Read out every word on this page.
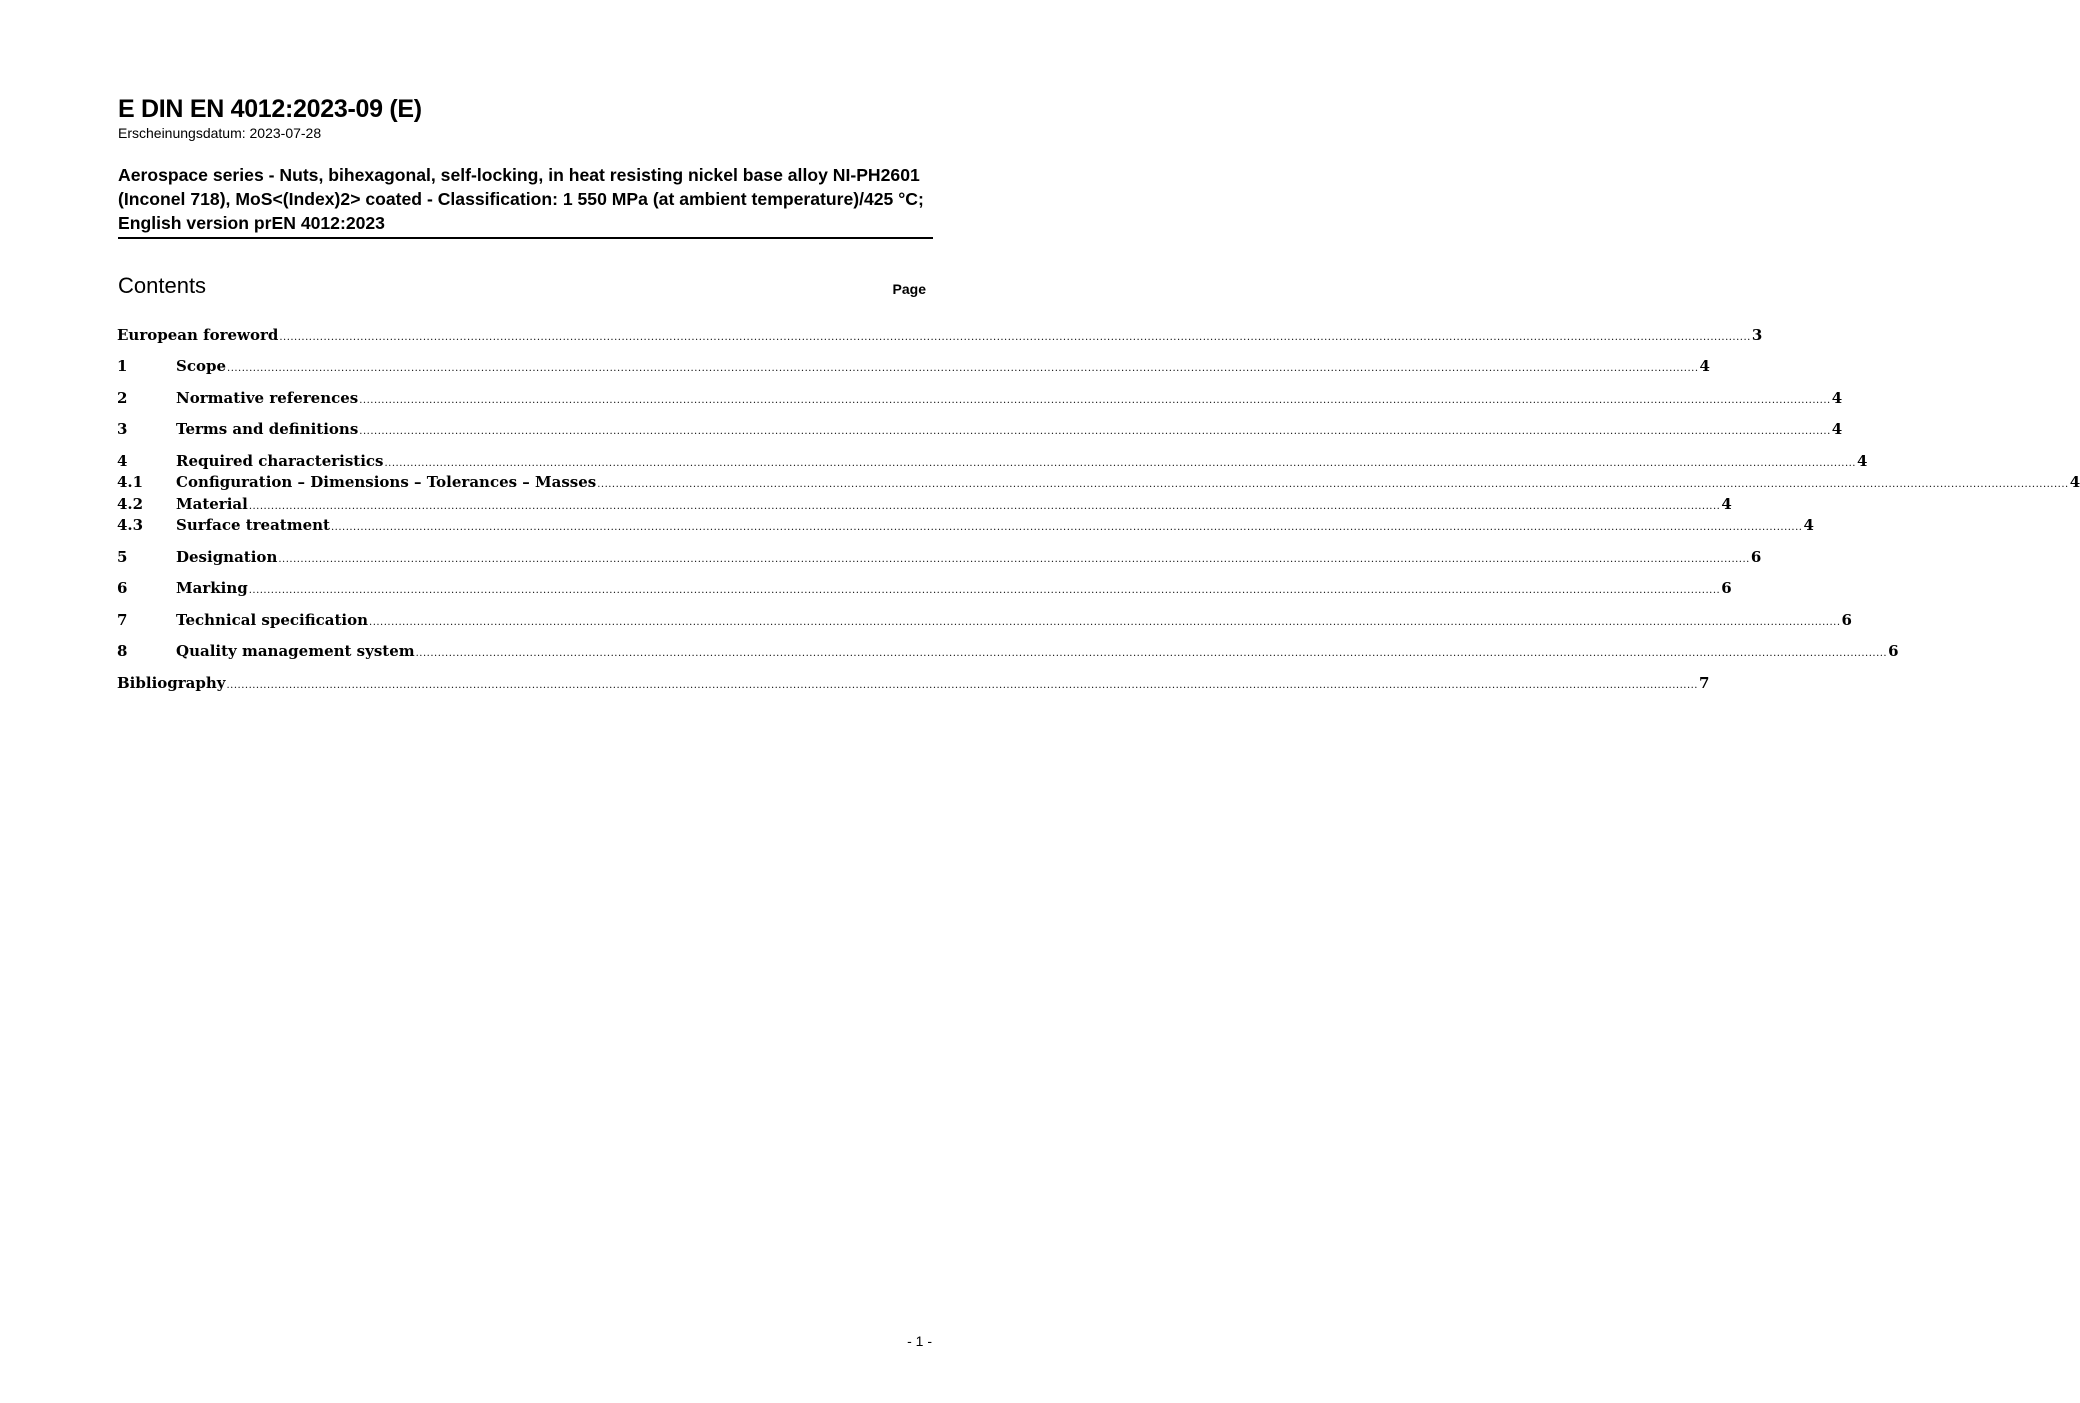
E DIN EN 4012:2023-09 (E)
Erscheinungsdatum: 2023-07-28
Aerospace series - Nuts, bihexagonal, self-locking, in heat resisting nickel base alloy NI-PH2601 (Inconel 718), MoS<(Index)2> coated - Classification: 1 550 MPa (at ambient temperature)/425 °C; English version prEN 4012:2023
Contents	Page
European foreword ................................................................................................................................................................................................................................................................................................................................................................................................................ 3
1	Scope ................................................................................................................................................................................................................................................................................................................................................................................................................ 4
2	Normative references ................................................................................................................................................................................................................................................................................................................................................................................................................ 4
3	Terms and definitions ................................................................................................................................................................................................................................................................................................................................................................................................................ 4
4	Required characteristics ................................................................................................................................................................................................................................................................................................................................................................................................................ 4
4.1	Configuration – Dimensions – Tolerances – Masses ................................................................................................................................................................................................................................................................................................................................................................................................................ 4
4.2	Material ................................................................................................................................................................................................................................................................................................................................................................................................................ 4
4.3	Surface treatment ................................................................................................................................................................................................................................................................................................................................................................................................................ 4
5	Designation ................................................................................................................................................................................................................................................................................................................................................................................................................ 6
6	Marking ................................................................................................................................................................................................................................................................................................................................................................................................................ 6
7	Technical specification ................................................................................................................................................................................................................................................................................................................................................................................................................ 6
8	Quality management system ................................................................................................................................................................................................................................................................................................................................................................................................................ 6
Bibliography ................................................................................................................................................................................................................................................................................................................................................................................................................ 7
- 1 -
